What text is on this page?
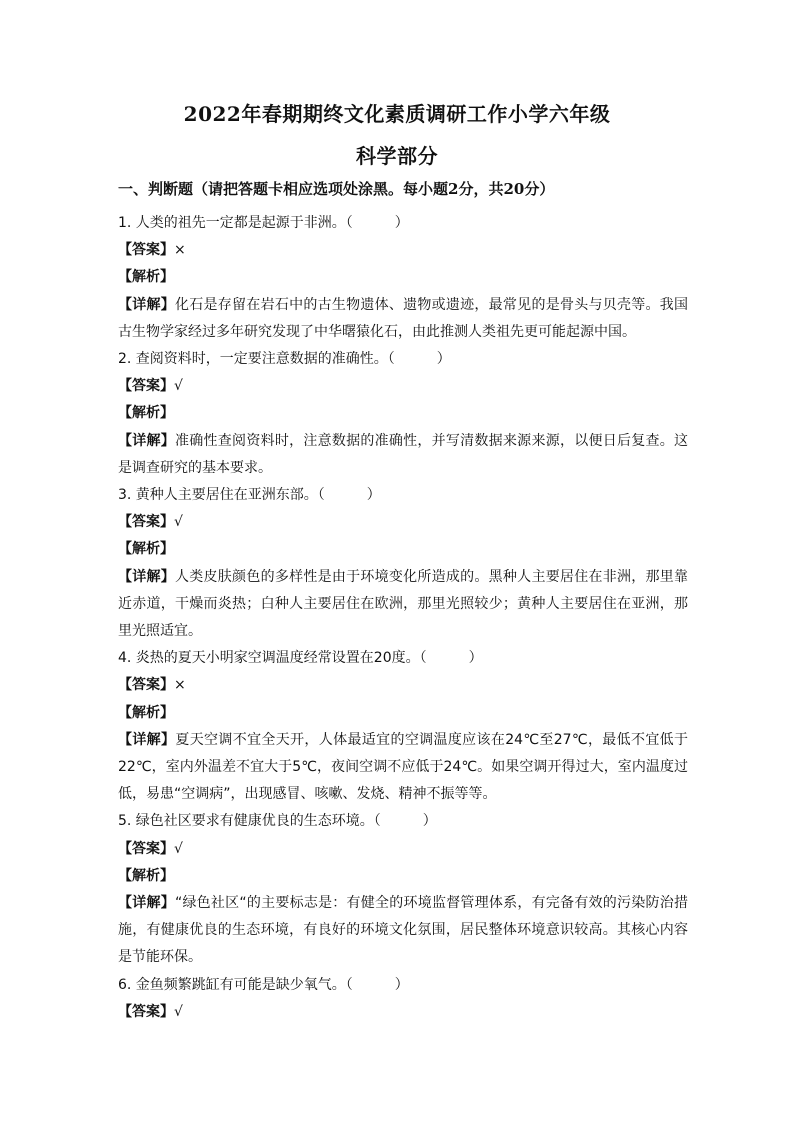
2022年春期期终文化素质调研工作小学六年级
科学部分
一、判断题（请把答题卡相应选项处涂黑。每小题2分，共20分）
1. 人类的祖先一定都是起源于非洲。（　　　）
【答案】×
【解析】
【详解】化石是存留在岩石中的古生物遗体、遗物或遗迹，最常见的是骨头与贝壳等。我国古生物学家经过多年研究发现了中华曙猿化石，由此推测人类祖先更可能起源中国。
2. 查阅资料时，一定要注意数据的准确性。（　　　）
【答案】√
【解析】
【详解】准确性查阅资料时，注意数据的准确性，并写清数据来源来源，以便日后复查。这是调查研究的基本要求。
3. 黄种人主要居住在亚洲东部。（　　　）
【答案】√
【解析】
【详解】人类皮肤颜色的多样性是由于环境变化所造成的。黑种人主要居住在非洲，那里靠近赤道，干燥而炎热；白种人主要居住在欧洲，那里光照较少；黄种人主要居住在亚洲，那里光照适宜。
4. 炎热的夏天小明家空调温度经常设置在20度。（　　　）
【答案】×
【解析】
【详解】夏天空调不宜全天开，人体最适宜的空调温度应该在24℃至27℃，最低不宜低于22℃，室内外温差不宜大于5℃，夜间空调不应低于24℃。如果空调开得过大，室内温度过低，易患“空调病”，出现感冒、咳嗽、发烧、精神不振等等。
5. 绿色社区要求有健康优良的生态环境。（　　　）
【答案】√
【解析】
【详解】“绿色社区“的主要标志是：有健全的环境监督管理体系，有完备有效的污染防治措施，有健康优良的生态环境，有良好的环境文化氛围，居民整体环境意识较高。其核心内容是节能环保。
6. 金鱼频繁跳缸有可能是缺少氧气。（　　　）
【答案】√
